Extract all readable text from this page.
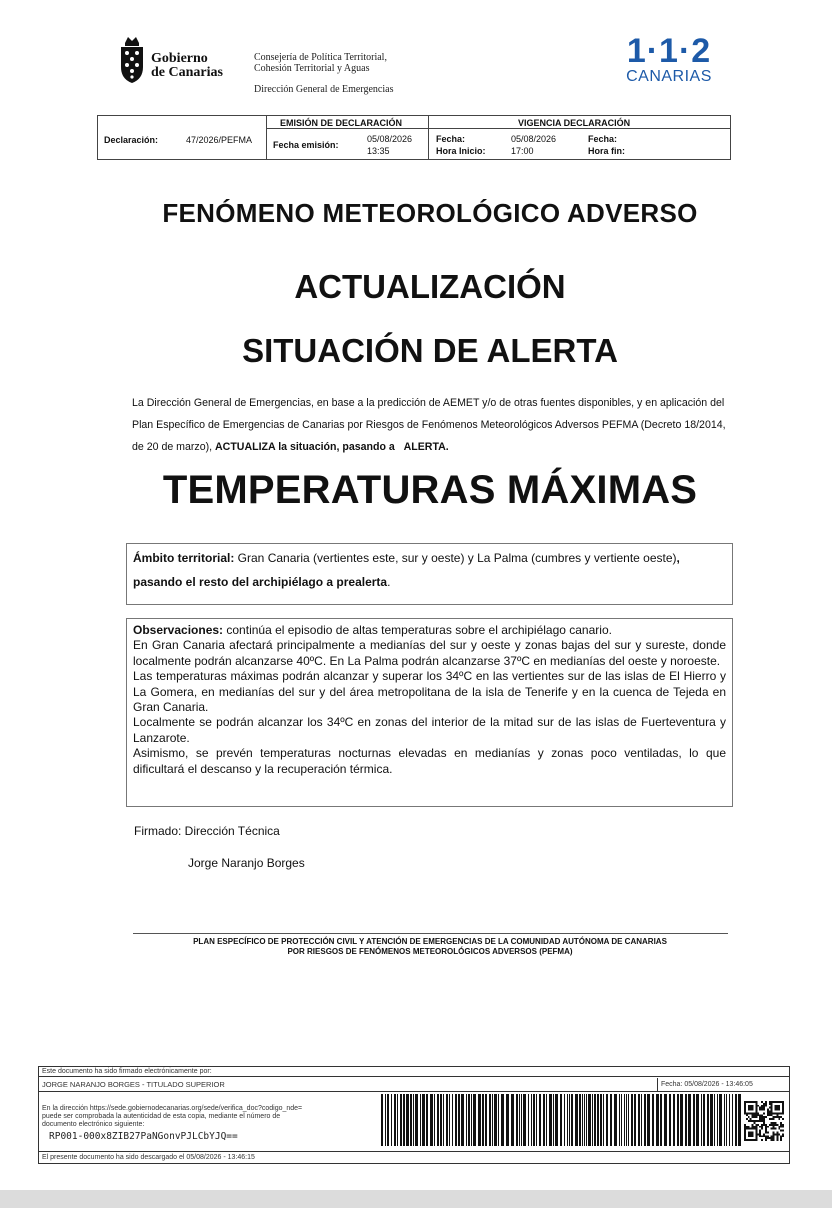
Gobierno
de Canarias
Consejería de Política Territorial,
Cohesión Territorial y Aguas
Dirección General de Emergencias
1·1·2
CANARIAS
Declaración:	47/2026/PEFMA
EMISIÓN DE DECLARACIÓN
Fecha emisión:
05/08/2026
13:35
VIGENCIA DECLARACIÓN
Fecha:
Hora Inicio:
05/08/2026
17:00
Fecha:
Hora fin:
FENÓMENO METEOROLÓGICO ADVERSO
ACTUALIZACIÓN
SITUACIÓN DE ALERTA
La Dirección General de Emergencias, en base a la predicción de AEMET y/o de otras fuentes disponibles, y en aplicación del Plan Específico de Emergencias de Canarias por Riesgos de Fenómenos Meteorológicos Adversos PEFMA (Decreto 18/2014, de 20 de marzo), ACTUALIZA la situación, pasando a ALERTA.
TEMPERATURAS MÁXIMAS
Ámbito territorial: Gran Canaria (vertientes este, sur y oeste) y La Palma (cumbres y vertiente oeste), pasando el resto del archipiélago a prealerta.
Observaciones: continúa el episodio de altas temperaturas sobre el archipiélago canario.
En Gran Canaria afectará principalmente a medianías del sur y oeste y zonas bajas del sur y sureste, donde localmente podrán alcanzarse 40ºC. En La Palma podrán alcanzarse 37ºC en medianías del oeste y noroeste.
Las temperaturas máximas podrán alcanzar y superar los 34ºC en las vertientes sur de las islas de El Hierro y La Gomera, en medianías del sur y del área metropolitana de la isla de Tenerife y en la cuenca de Tejeda en Gran Canaria.
Localmente se podrán alcanzar los 34ºC en zonas del interior de la mitad sur de las islas de Fuerteventura y Lanzarote.
Asimismo, se prevén temperaturas nocturnas elevadas en medianías y zonas poco ventiladas, lo que dificultará el descanso y la recuperación térmica.
Firmado: Dirección Técnica
Jorge Naranjo Borges
PLAN ESPECÍFICO DE PROTECCIÓN CIVIL Y ATENCIÓN DE EMERGENCIAS DE LA COMUNIDAD AUTÓNOMA DE CANARIAS
POR RIESGOS DE FENÓMENOS METEOROLÓGICOS ADVERSOS (PEFMA)
Este documento ha sido firmado electrónicamente por:
JORGE NARANJO BORGES - TITULADO SUPERIOR	Fecha: 05/08/2026 - 13:46:05
En la dirección https://sede.gobiernodecanarias.org/sede/verifica_doc?codigo_nde=
puede ser comprobada la autenticidad de esta copia, mediante el número de
documento electrónico siguiente:
RP001-000x8ZIB27PaNGonvPJLCbYJQ==
El presente documento ha sido descargado el 05/08/2026 - 13:46:15
